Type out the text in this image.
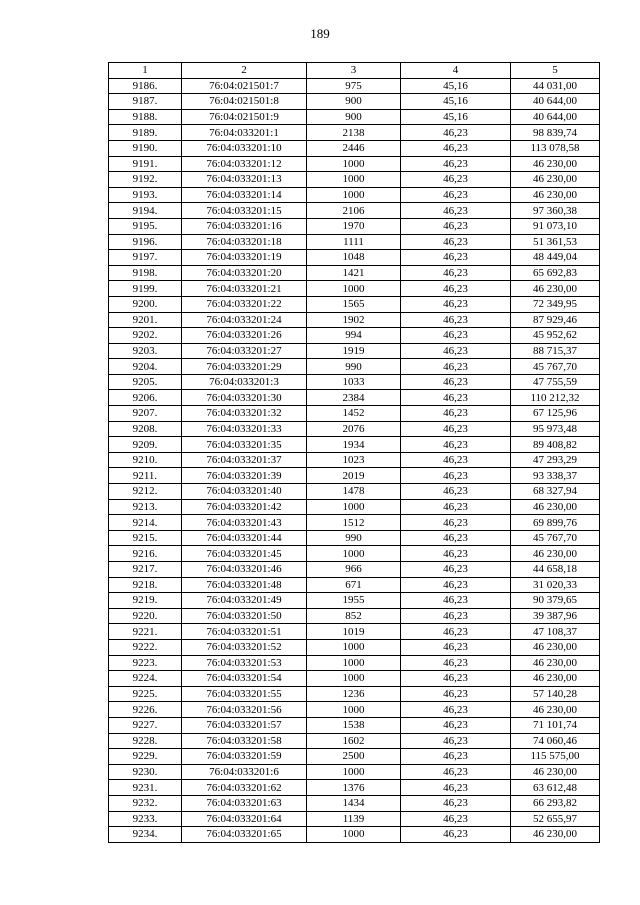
189
1	2	3	4	5
9186.	76:04:021501:7	975	45,16	44 031,00
9187.	76:04:021501:8	900	45,16	40 644,00
9188.	76:04:021501:9	900	45,16	40 644,00
9189.	76:04:033201:1	2138	46,23	98 839,74
9190.	76:04:033201:10	2446	46,23	113 078,58
9191.	76:04:033201:12	1000	46,23	46 230,00
9192.	76:04:033201:13	1000	46,23	46 230,00
9193.	76:04:033201:14	1000	46,23	46 230,00
9194.	76:04:033201:15	2106	46,23	97 360,38
9195.	76:04:033201:16	1970	46,23	91 073,10
9196.	76:04:033201:18	1111	46,23	51 361,53
9197.	76:04:033201:19	1048	46,23	48 449,04
9198.	76:04:033201:20	1421	46,23	65 692,83
9199.	76:04:033201:21	1000	46,23	46 230,00
9200.	76:04:033201:22	1565	46,23	72 349,95
9201.	76:04:033201:24	1902	46,23	87 929,46
9202.	76:04:033201:26	994	46,23	45 952,62
9203.	76:04:033201:27	1919	46,23	88 715,37
9204.	76:04:033201:29	990	46,23	45 767,70
9205.	76:04:033201:3	1033	46,23	47 755,59
9206.	76:04:033201:30	2384	46,23	110 212,32
9207.	76:04:033201:32	1452	46,23	67 125,96
9208.	76:04:033201:33	2076	46,23	95 973,48
9209.	76:04:033201:35	1934	46,23	89 408,82
9210.	76:04:033201:37	1023	46,23	47 293,29
9211.	76:04:033201:39	2019	46,23	93 338,37
9212.	76:04:033201:40	1478	46,23	68 327,94
9213.	76:04:033201:42	1000	46,23	46 230,00
9214.	76:04:033201:43	1512	46,23	69 899,76
9215.	76:04:033201:44	990	46,23	45 767,70
9216.	76:04:033201:45	1000	46,23	46 230,00
9217.	76:04:033201:46	966	46,23	44 658,18
9218.	76:04:033201:48	671	46,23	31 020,33
9219.	76:04:033201:49	1955	46,23	90 379,65
9220.	76:04:033201:50	852	46,23	39 387,96
9221.	76:04:033201:51	1019	46,23	47 108,37
9222.	76:04:033201:52	1000	46,23	46 230,00
9223.	76:04:033201:53	1000	46,23	46 230,00
9224.	76:04:033201:54	1000	46,23	46 230,00
9225.	76:04:033201:55	1236	46,23	57 140,28
9226.	76:04:033201:56	1000	46,23	46 230,00
9227.	76:04:033201:57	1538	46,23	71 101,74
9228.	76:04:033201:58	1602	46,23	74 060,46
9229.	76:04:033201:59	2500	46,23	115 575,00
9230.	76:04:033201:6	1000	46,23	46 230,00
9231.	76:04:033201:62	1376	46,23	63 612,48
9232.	76:04:033201:63	1434	46,23	66 293,82
9233.	76:04:033201:64	1139	46,23	52 655,97
9234.	76:04:033201:65	1000	46,23	46 230,00
